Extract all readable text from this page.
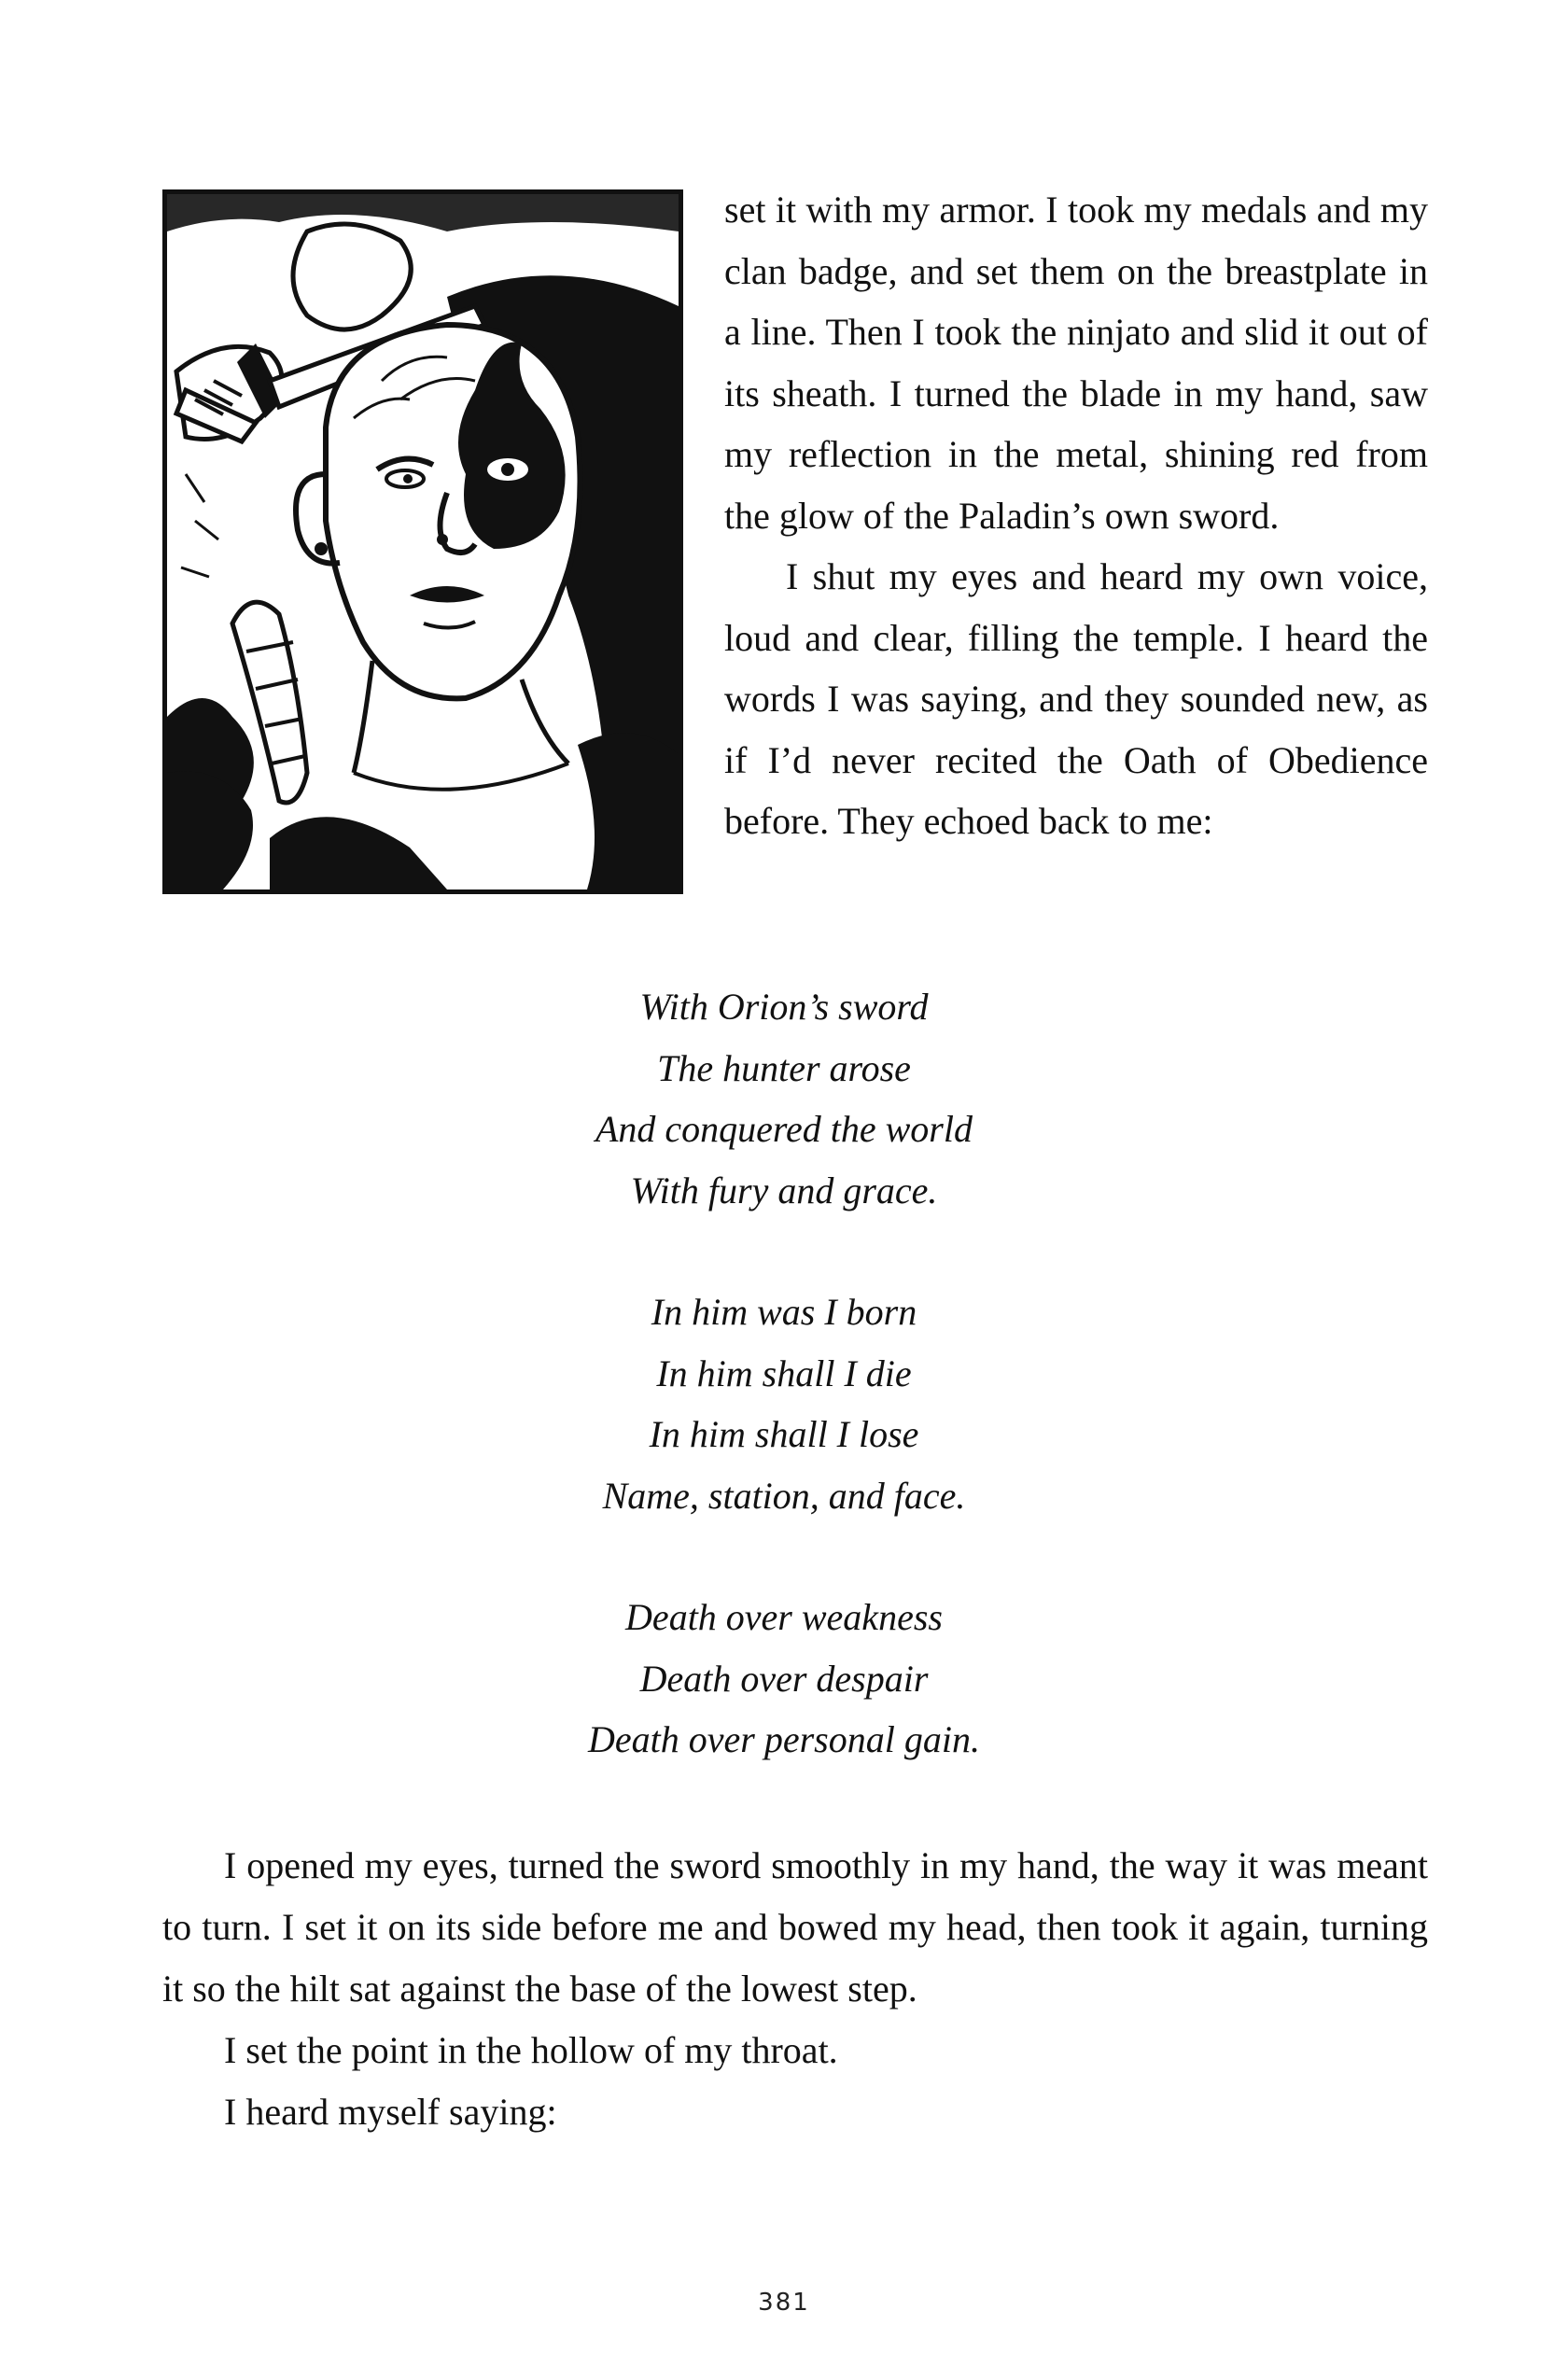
set it with my armor. I took my medals and my clan badge, and set them on the breastplate in a line. Then I took the ninjato and slid it out of its sheath. I turned the blade in my hand, saw my reflection in the metal, shining red from the glow of the Paladin’s own sword.

I shut my eyes and heard my own voice, loud and clear, filling the temple. I heard the words I was saying, and they sounded new, as if I’d never recited the Oath of Obedience before. They echoed back to me:

With Orion’s sword
The hunter arose
And conquered the world
With fury and grace.
In him was I born
In him shall I die
In him shall I lose
Name, station, and face.
Death over weakness
Death over despair
Death over personal gain.

I opened my eyes, turned the sword smoothly in my hand, the way it was meant to turn. I set it on its side before me and bowed my head, then took it again, turning it so the hilt sat against the base of the lowest step.

I set the point in the hollow of my throat.

I heard myself saying:

381
